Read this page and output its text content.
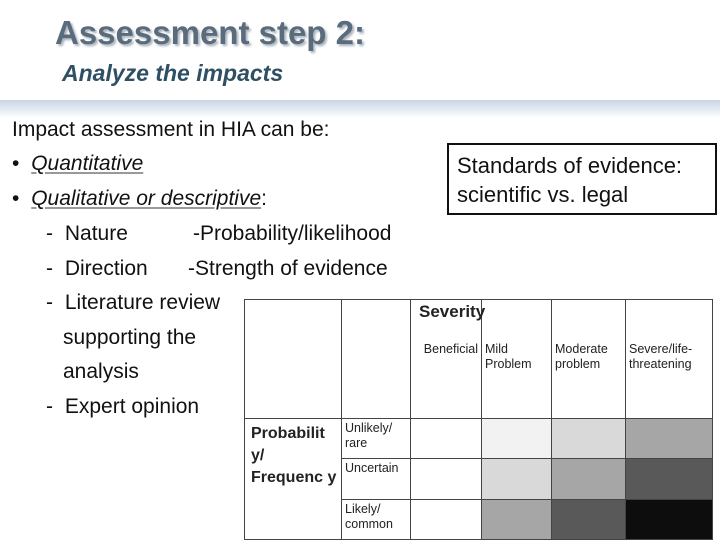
Assessment step 2:
Analyze the impacts
Impact assessment in HIA can be:
• Quantitative
• Qualitative or descriptive:
- Nature	-Probability/likelihood
- Direction -Strength of evidence
- Literature review
supporting the
analysis
- Expert opinion
Standards of evidence:
scientific vs. legal
		Beneficial	Mild Problem	Moderate problem	Severe/life-threatening

Probabilit y/ Frequenc y	Unlikely/ rare				

	Uncertain				

	Likely/ common				

Severity
